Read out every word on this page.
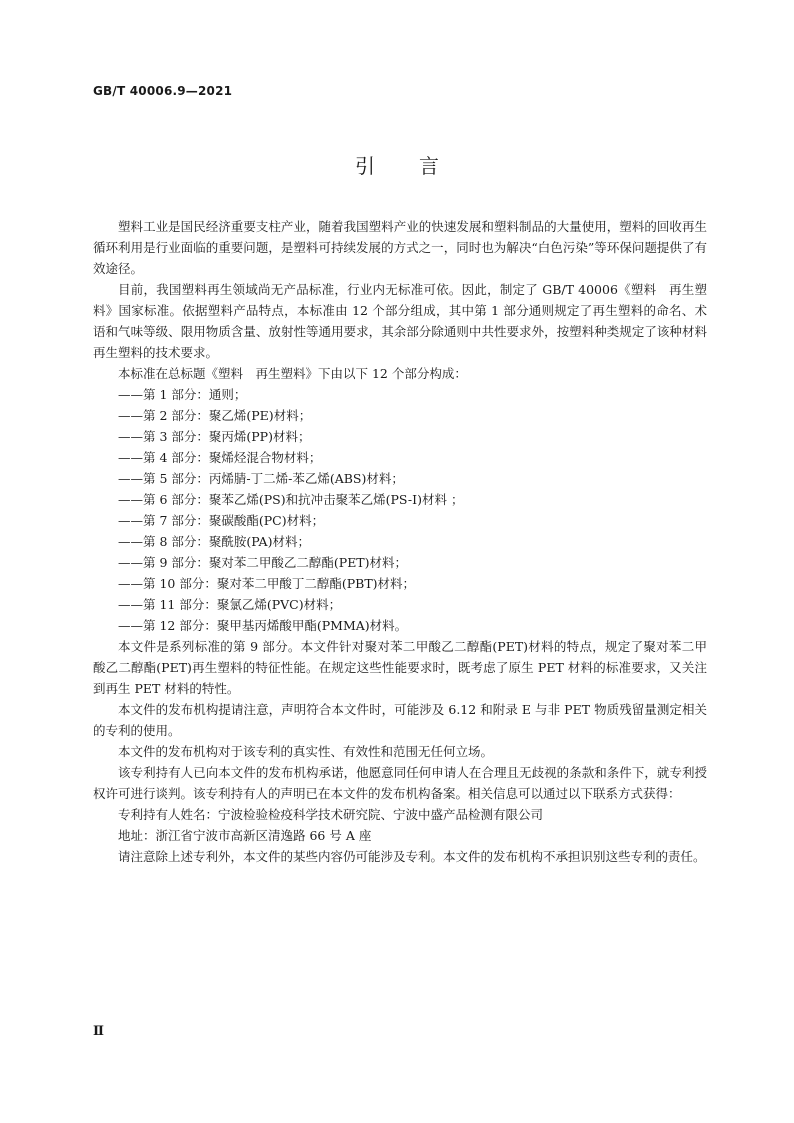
GB/T 40006.9—2021
引言

塑料工业是国民经济重要支柱产业，随着我国塑料产业的快速发展和塑料制品的大量使用，塑料的回收再生循环利用是行业面临的重要问题，是塑料可持续发展的方式之一，同时也为解决“白色污染”等环保问题提供了有效途径。

目前，我国塑料再生领域尚无产品标准，行业内无标准可依。因此，制定了 GB/T 40006《塑料　再生塑料》国家标准。依据塑料产品特点，本标准由 12 个部分组成，其中第 1 部分通则规定了再生塑料的命名、术语和气味等级、限用物质含量、放射性等通用要求，其余部分除通则中共性要求外，按塑料种类规定了该种材料再生塑料的技术要求。

本标准在总标题《塑料　再生塑料》下由以下 12 个部分构成：

——第 1 部分：通则；
——第 2 部分：聚乙烯(PE)材料；
——第 3 部分：聚丙烯(PP)材料；
——第 4 部分：聚烯烃混合物材料；
——第 5 部分：丙烯腈-丁二烯-苯乙烯(ABS)材料；
——第 6 部分：聚苯乙烯(PS)和抗冲击聚苯乙烯(PS-I)材料 ；
——第 7 部分：聚碳酸酯(PC)材料；
——第 8 部分：聚酰胺(PA)材料；
——第 9 部分：聚对苯二甲酸乙二醇酯(PET)材料；
——第 10 部分：聚对苯二甲酸丁二醇酯(PBT)材料；
——第 11 部分：聚氯乙烯(PVC)材料；
——第 12 部分：聚甲基丙烯酸甲酯(PMMA)材料。

本文件是系列标准的第 9 部分。本文件针对聚对苯二甲酸乙二醇酯(PET)材料的特点，规定了聚对苯二甲酸乙二醇酯(PET)再生塑料的特征性能。在规定这些性能要求时，既考虑了原生 PET 材料的标准要求，又关注到再生 PET 材料的特性。

本文件的发布机构提请注意，声明符合本文件时，可能涉及 6.12 和附录 E 与非 PET 物质残留量测定相关的专利的使用。

本文件的发布机构对于该专利的真实性、有效性和范围无任何立场。

该专利持有人已向本文件的发布机构承诺，他愿意同任何申请人在合理且无歧视的条款和条件下，就专利授权许可进行谈判。该专利持有人的声明已在本文件的发布机构备案。相关信息可以通过以下联系方式获得：

专利持有人姓名：宁波检验检疫科学技术研究院、宁波中盛产品检测有限公司

地址：浙江省宁波市高新区清逸路 66 号 A 座

请注意除上述专利外，本文件的某些内容仍可能涉及专利。本文件的发布机构不承担识别这些专利的责任。

Ⅱ
